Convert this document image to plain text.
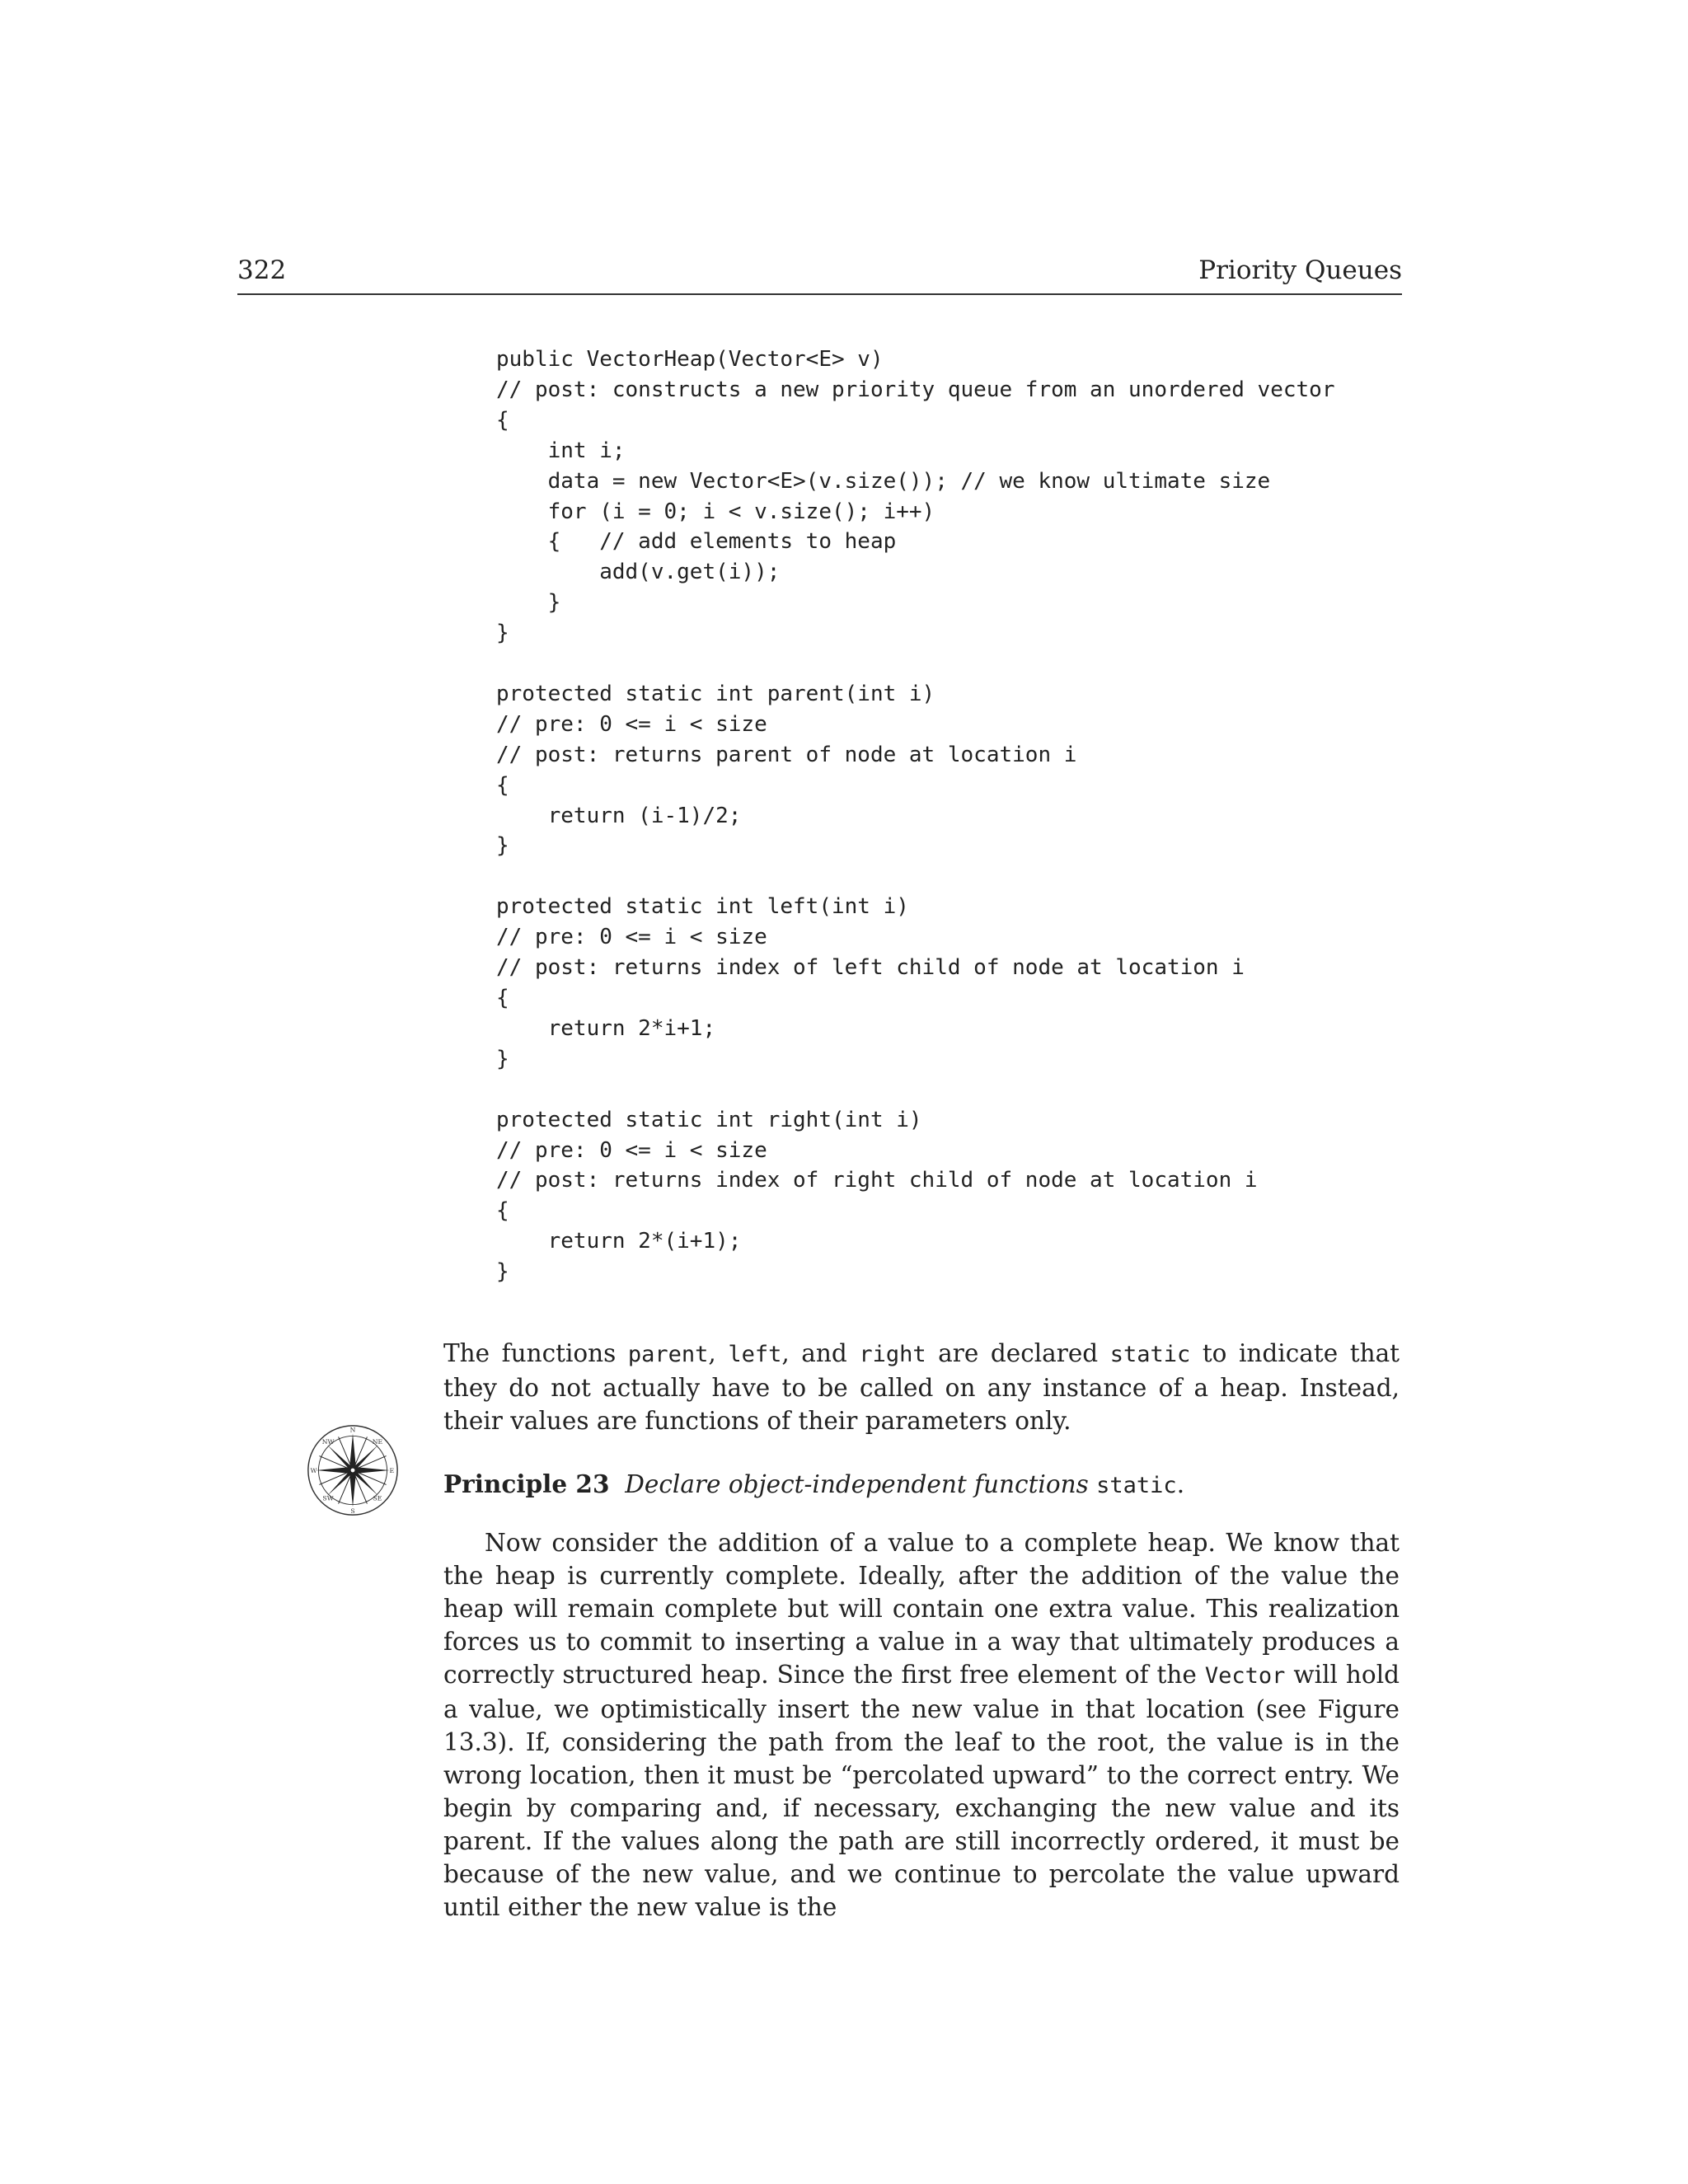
322	Priority Queues
public VectorHeap(Vector<E> v)
// post: constructs a new priority queue from an unordered vector
{
int i;
data = new Vector<E>(v.size()); // we know ultimate size
for (i = 0; i < v.size(); i++)
{   // add elements to heap
add(v.get(i));
}
}
protected static int parent(int i)
// pre: 0 <= i < size
// post: returns parent of node at location i
{
return (i-1)/2;
}
protected static int left(int i)
// pre: 0 <= i < size
// post: returns index of left child of node at location i
{
return 2*i+1;
}
protected static int right(int i)
// pre: 0 <= i < size
// post: returns index of right child of node at location i
{
return 2*(i+1);
}

The functions parent, left, and right are declared static to indicate that they do not actually have to be called on any instance of a heap. Instead, their values are functions of their parameters only.

N
NE
E
SE
S
SW
W
NW

Principle 23 Declare object-independent functions static.

Now consider the addition of a value to a complete heap. We know that the heap is currently complete. Ideally, after the addition of the value the heap will remain complete but will contain one extra value. This realization forces us to commit to inserting a value in a way that ultimately produces a correctly structured heap. Since the first free element of the Vector will hold a value, we optimistically insert the new value in that location (see Figure 13.3). If, considering the path from the leaf to the root, the value is in the wrong location, then it must be “percolated upward” to the correct entry. We begin by comparing and, if necessary, exchanging the new value and its parent. If the values along the path are still incorrectly ordered, it must be because of the new value, and we continue to percolate the value upward until either the new value is the
